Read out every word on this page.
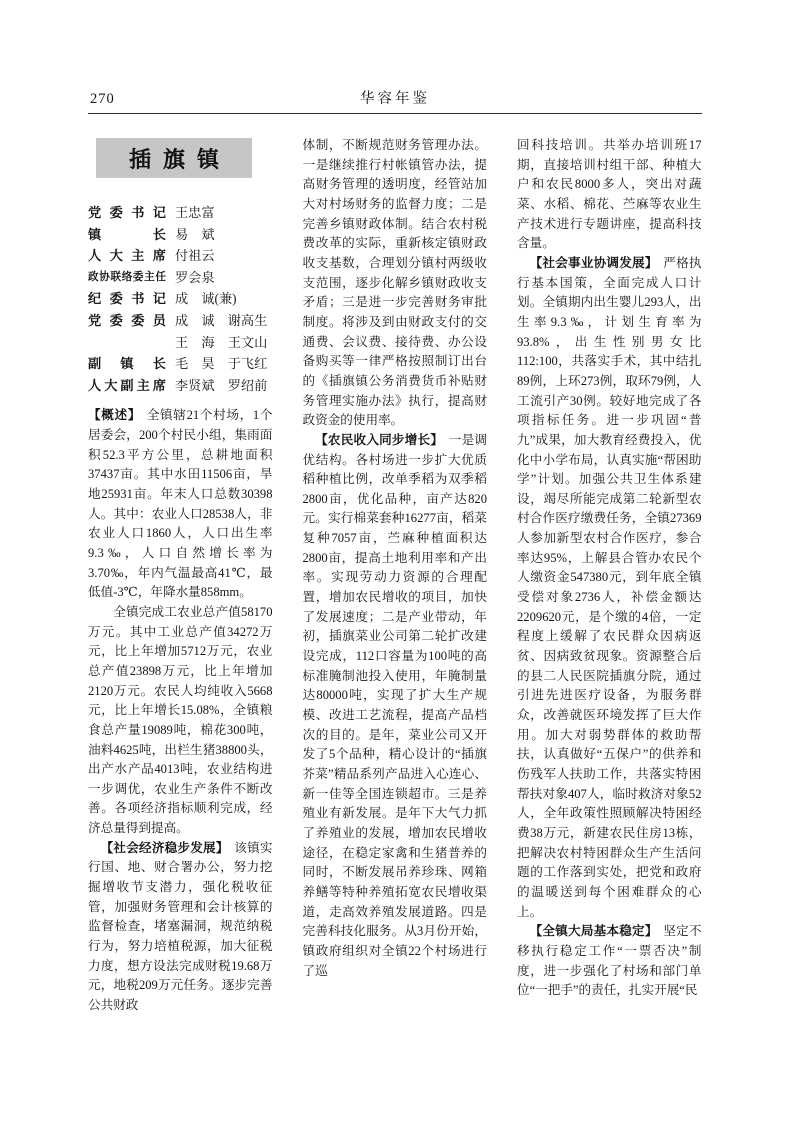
270	华容年鉴
插旗镇
党委书记 王忠富
镇长 易　斌
人大主席 付祖云
政协联络委主任 罗会泉
纪委书记 成　诚(兼)
党委委员 成　诚　谢高生
王　海　王文山
副镇长 毛　昊　于飞红
人大副主席 李贤斌　罗绍前

【概述】 全镇辖21个村场，1个居委会，200个村民小组，集雨面积52.3平方公里，总耕地面积37437亩。其中水田11506亩，旱地25931亩。年末人口总数30398人。其中：农业人口28538人，非农业人口1860人，人口出生率9.3‰，人口自然增长率为3.70‰，年内气温最高41℃，最低值-3℃，年降水量858mm。

全镇完成工农业总产值58170万元。其中工业总产值34272万元，比上年增加5712万元，农业总产值23898万元，比上年增加2120万元。农民人均纯收入5668元，比上年增长15.08%，全镇粮食总产量19089吨，棉花300吨，油料4625吨，出栏生猪38800头，出产水产品4013吨，农业结构进一步调优，农业生产条件不断改善。各项经济指标顺利完成，经济总量得到提高。

【社会经济稳步发展】 该镇实行国、地、财合署办公，努力挖掘增收节支潜力，强化税收征管，加强财务管理和会计核算的监督检查，堵塞漏洞，规范纳税行为，努力培植税源，加大征税力度，想方设法完成财税19.68万元，地税209万元任务。逐步完善公共财政

体制，不断规范财务管理办法。一是继续推行村帐镇管办法，提高财务管理的透明度，经管站加大对村场财务的监督力度；二是完善乡镇财政体制。结合农村税费改革的实际，重新核定镇财政收支基数，合理划分镇村两级收支范围，逐步化解乡镇财政收支矛盾；三是进一步完善财务审批制度。将涉及到由财政支付的交通费、会议费、接待费、办公设备购买等一律严格按照制订出台的《插旗镇公务消费货币补贴财务管理实施办法》执行，提高财政资金的使用率。

【农民收入同步增长】 一是调优结构。各村场进一步扩大优质稻种植比例，改单季稻为双季稻2800亩，优化品种，亩产达820元。实行棉菜套种16277亩，稻菜复种7057亩，苎麻种植面积达2800亩，提高土地利用率和产出率。实现劳动力资源的合理配置，增加农民增收的项目，加快了发展速度；二是产业带动，年初，插旗菜业公司第二轮扩改建设完成，112口容量为100吨的高标准腌制池投入使用，年腌制量达80000吨，实现了扩大生产规模、改进工艺流程，提高产品档次的目的。是年，菜业公司又开发了5个品种，精心设计的“插旗芥菜”精品系列产品进入心连心、新一佳等全国连锁超市。三是养殖业有新发展。是年下大气力抓了养殖业的发展，增加农民增收途径，在稳定家禽和生猪普养的同时，不断发展吊养珍珠、网箱养鳝等特种养殖拓宽农民增收渠道，走高效养殖发展道路。四是完善科技化服务。从3月份开始，镇政府组织对全镇22个村场进行了巡

回科技培训。共举办培训班17期，直接培训村组干部、种植大户和农民8000多人，突出对蔬菜、水稻、棉花、苎麻等农业生产技术进行专题讲座，提高科技含量。

【社会事业协调发展】 严格执行基本国策，全面完成人口计划。全镇期内出生婴儿293人，出生率9.3‰，计划生育率为93.8%，出生性别男女比112:100，共落实手术，其中结扎89例，上环273例，取环79例，人工流引产30例。较好地完成了各项指标任务。进一步巩固“普九”成果，加大教育经费投入，优化中小学布局，认真实施“帮困助学”计划。加强公共卫生体系建设，竭尽所能完成第二轮新型农村合作医疗缴费任务，全镇27369人参加新型农村合作医疗，参合率达95%，上解县合管办农民个人缴资金547380元，到年底全镇受偿对象2736人，补偿金额达2209620元，是个缴的4倍，一定程度上缓解了农民群众因病返贫、因病致贫现象。资源整合后的县二人民医院插旗分院，通过引进先进医疗设备，为服务群众，改善就医环境发挥了巨大作用。加大对弱势群体的救助帮扶，认真做好“五保户”的供养和伤残军人扶助工作，共落实特困帮扶对象407人，临时救济对象52人，全年政策性照顾解决特困经费38万元，新建农民住房13栋，把解决农村特困群众生产生活问题的工作落到实处，把党和政府的温暖送到每个困难群众的心上。

【全镇大局基本稳定】 坚定不移执行稳定工作“一票否决”制度，进一步强化了村场和部门单位“一把手”的责任，扎实开展“民
